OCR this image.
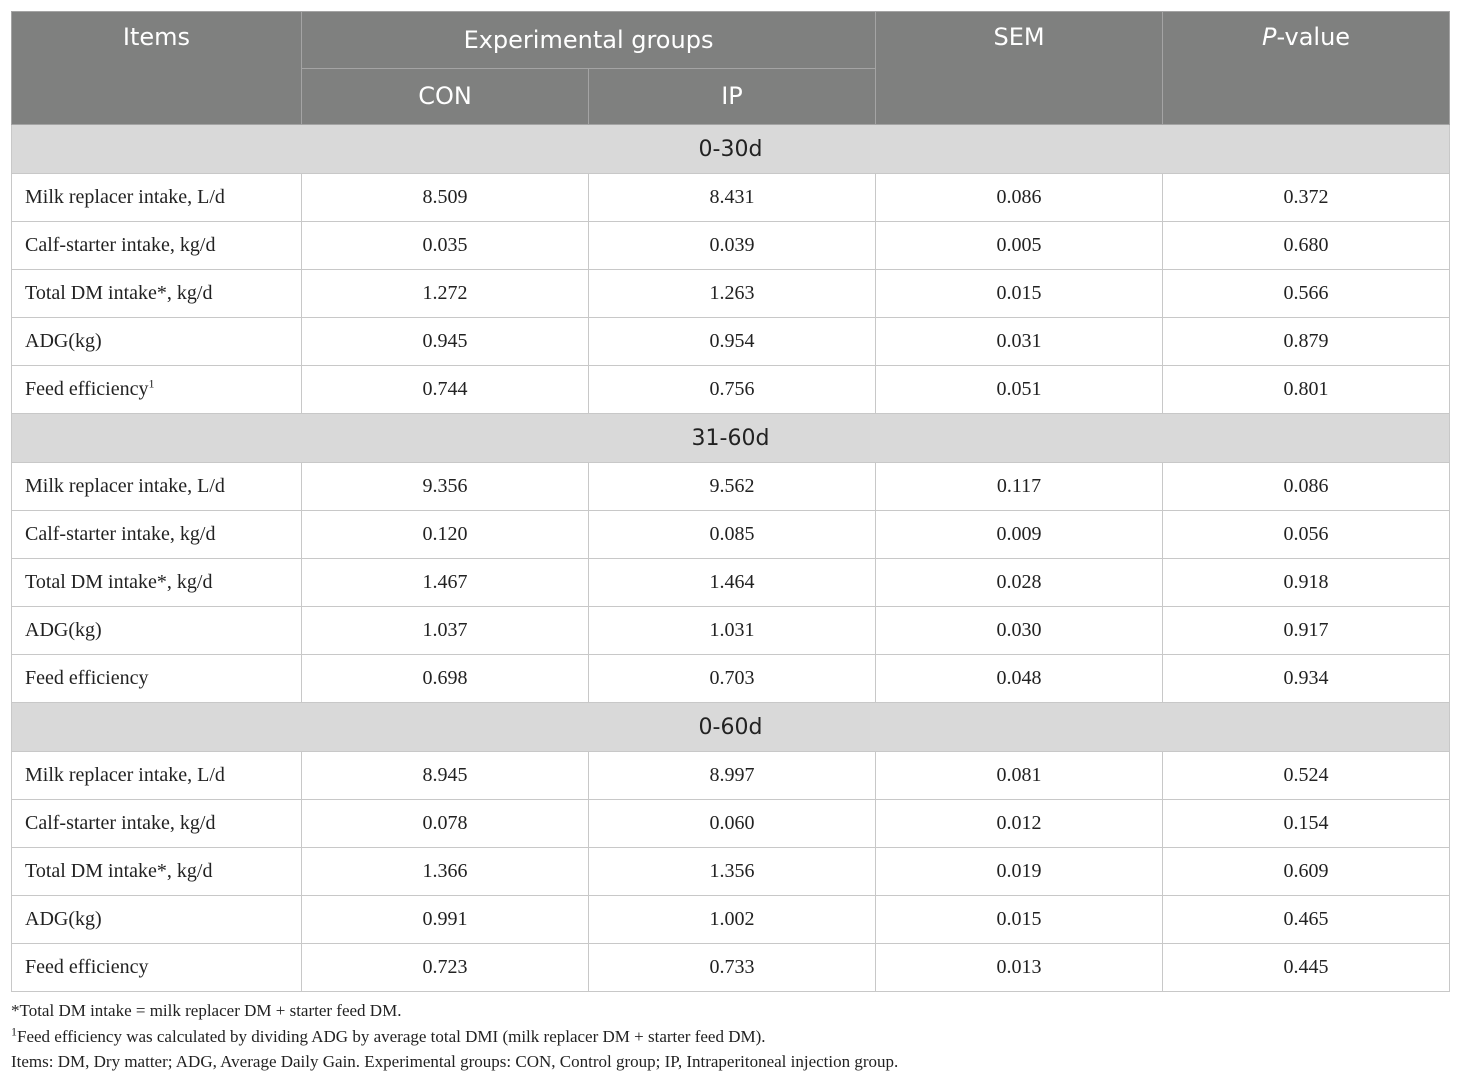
Items	Experimental groups		SEM	P-value
	CON	IP		
0-30d				
Milk replacer intake, L/d	8.509	8.431	0.086	0.372
Calf-starter intake, kg/d	0.035	0.039	0.005	0.680
Total DM intake*, kg/d	1.272	1.263	0.015	0.566
ADG(kg)	0.945	0.954	0.031	0.879
Feed efficiency$^1$	0.744	0.756	0.051	0.801
31-60d				
Milk replacer intake, L/d	9.356	9.562	0.117	0.086
Calf-starter intake, kg/d	0.120	0.085	0.009	0.056
Total DM intake*, kg/d	1.467	1.464	0.028	0.918
ADG(kg)	1.037	1.031	0.030	0.917
Feed efficiency	0.698	0.703	0.048	0.934
0-60d				
Milk replacer intake, L/d	8.945	8.997	0.081	0.524
Calf-starter intake, kg/d	0.078	0.060	0.012	0.154
Total DM intake*, kg/d	1.366	1.356	0.019	0.609
ADG(kg)	0.991	1.002	0.015	0.465
Feed efficiency	0.723	0.733	0.013	0.445
*Total DM intake = milk replacer DM + starter feed DM.
$^1$Feed efficiency was calculated by dividing ADG by average total DMI (milk replacer DM + starter feed DM).
Items: DM, Dry matter; ADG, Average Daily Gain. Experimental groups: CON, Control group; IP, Intraperitoneal injection group.
